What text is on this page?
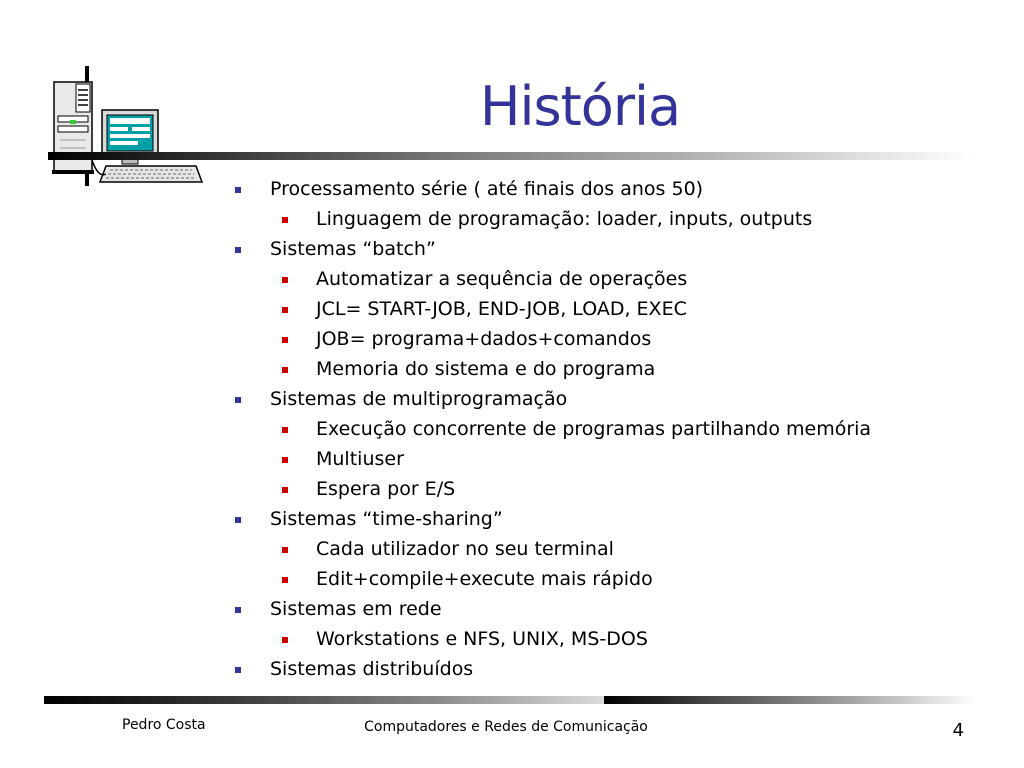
História
Processamento série ( até finais dos anos 50)
Linguagem de programação: loader, inputs, outputs
Sistemas “batch”
Automatizar a sequência de operações
JCL= START-JOB, END-JOB, LOAD, EXEC
JOB= programa+dados+comandos
Memoria do sistema e do programa
Sistemas de multiprogramação
Execução concorrente de programas partilhando memória
Multiuser
Espera por E/S
Sistemas “time-sharing”
Cada utilizador no seu terminal
Edit+compile+execute mais rápido
Sistemas em rede
Workstations e NFS, UNIX, MS-DOS
Sistemas distribuídos
Pedro Costa	Computadores e Redes de Comunicação	4
